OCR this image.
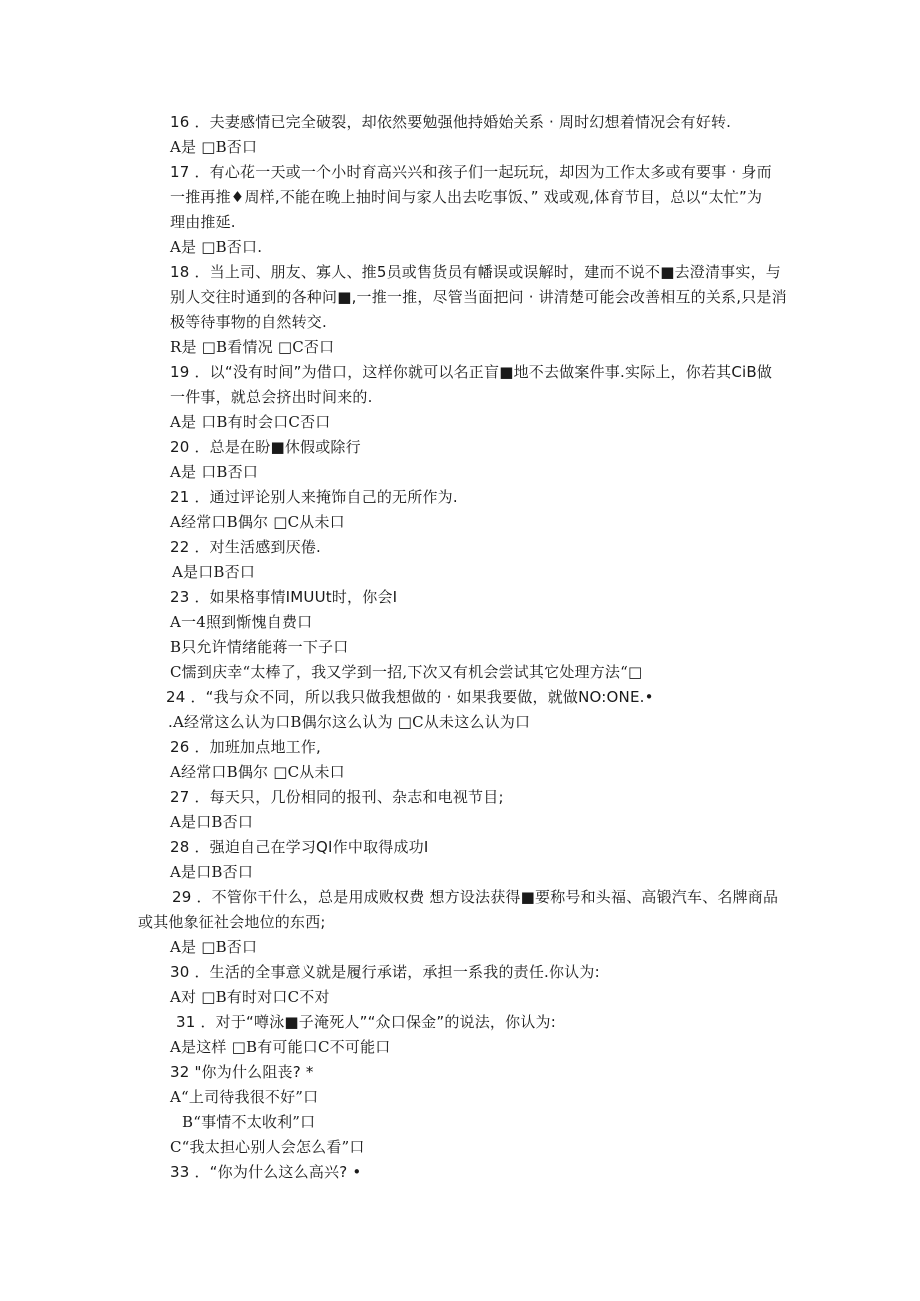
16 ．夫妻感情已完全破裂，却依然要勉强他持婚始关系 · 周时幻想着情况会有好转.
A是 □B否口
17 ．有心花一天或一个小时育高兴兴和孩子们一起玩玩，却因为工作太多或有要事 · 身而
一推再推♦周样,不能在晚上抽时间与家人出去吃事饭、” 戏或观,体育节目，总以“太忙”为
理由推延.
A是 □B否口.
18 ．当上司、朋友、寡人、推5员或售货员有幡误或误解时，建而不说不■去澄清事实，与
别人交往时通到的各种问■,一推一推，尽管当面把问 · 讲清楚可能会改善相互的关系,只是消
极等待事物的自然转交.
R是 □B看情况 □C否口
19 ．以“没有时间”为借口，这样你就可以名正盲■地不去做案件事.实际上，你若其CiB做
一件事，就总会挤出时间来的.
A是 口B有时会口C否口
20 ．总是在盼■休假或除行
A是 口B否口
21 ．通过评论别人来掩饰自己的无所作为.
A经常口B偶尔 □C从未口
22 ．对生活感到厌倦.
A是口B否口
23 ．如果格事情IMUUt时，你会I
A一4照到惭愧自费口
B只允许情绪能蒋一下子口
C懦到庆幸“太棒了，我又学到一招,下次又有机会尝试其它处理方法“□
24 ．“我与众不同，所以我只做我想做的 · 如果我要做，就做NO:ONE.•
.A经常这么认为口B偶尔这么认为 □C从未这么认为口
26 ．加班加点地工作,
A经常口B偶尔 □C从未口
27 ．每天只，几份相同的报刊、杂志和电视节目;
A是口B否口
28 ．强迫自己在学习QI作中取得成功I
A是口B否口
29 ．不管你干什么，总是用成败权费 想方设法获得■要称号和头福、高锻汽车、名牌商品
或其他象征社会地位的东西;
A是 □B否口
30 ．生活的全事意义就是履行承诺，承担一系我的责任.你认为:
A对 □B有时对口C不对
31 ．对于“噂泳■子淹死人”“众口保金”的说法，你认为:
A是这样 □B有可能口C不可能口
32 "你为什么阻丧? *
A“上司待我很不好”口
B“事情不太收利”口
C“我太担心别人会怎么看”口
33 ．“你为什么这么高兴? •
